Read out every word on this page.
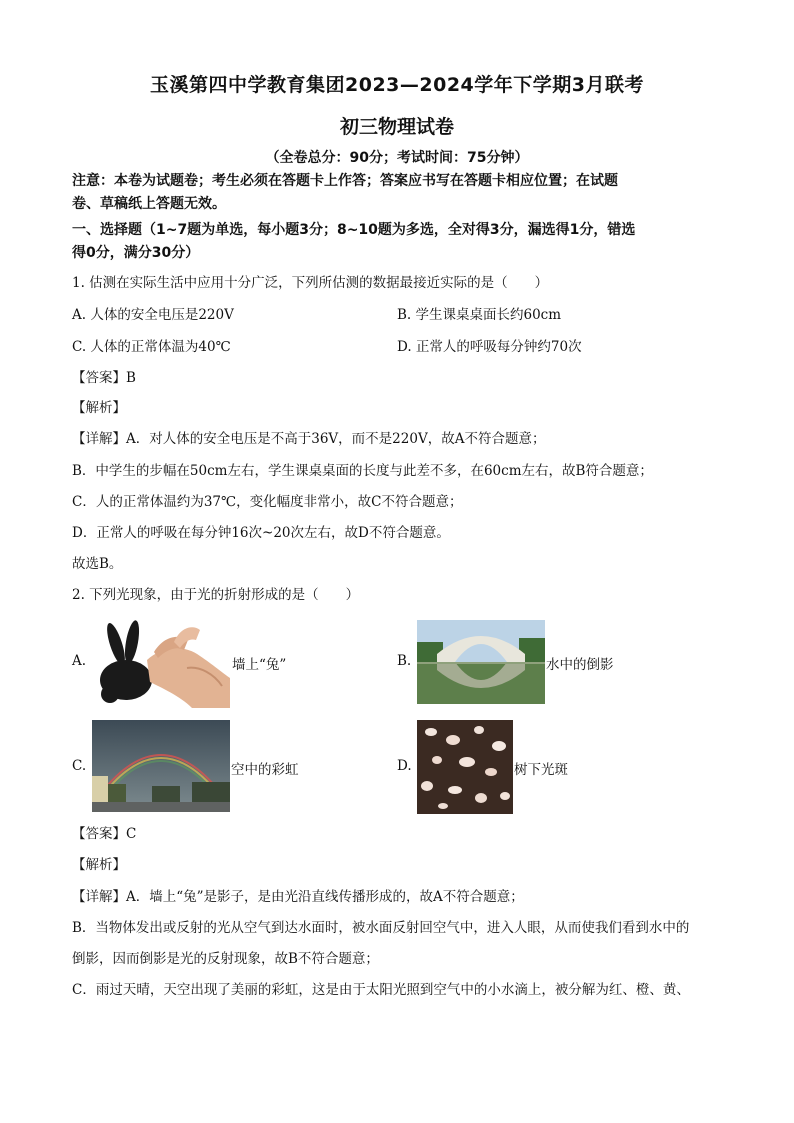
玉溪第四中学教育集团2023—2024学年下学期3月联考
初三物理试卷
（全卷总分：90分；考试时间：75分钟）
注意：本卷为试题卷；考生必须在答题卡上作答；答案应书写在答题卡相应位置；在试题
卷、草稿纸上答题无效。
一、选择题（1~7题为单选，每小题3分；8~10题为多选，全对得3分，漏选得1分，错选
得0分，满分30分）
1. 估测在实际生活中应用十分广泛，下列所估测的数据最接近实际的是（　　）
A. 人体的安全电压是220V	B. 学生课桌桌面长约60cm
C. 人体的正常体温为40℃	D. 正常人的呼吸每分钟约70次
【答案】B
【解析】
【详解】A．对人体的安全电压是不高于36V，而不是220V，故A不符合题意；
B．中学生的步幅在50cm左右，学生课桌桌面的长度与此差不多，在60cm左右，故B符合题意；
C．人的正常体温约为37℃，变化幅度非常小，故C不符合题意；
D．正常人的呼吸在每分钟16次~20次左右，故D不符合题意。
故选B。
2. 下列光现象，由于光的折射形成的是（　　）
A.	墙上“兔”	B.	水中的倒影
C.	空中的彩虹	D.	树下光斑
【答案】C
【解析】
【详解】A．墙上“兔”是影子，是由光沿直线传播形成的，故A不符合题意；
B．当物体发出或反射的光从空气到达水面时，被水面反射回空气中，进入人眼，从而使我们看到水中的
倒影，因而倒影是光的反射现象，故B不符合题意；
C．雨过天晴，天空出现了美丽的彩虹，这是由于太阳光照到空气中的小水滴上，被分解为红、橙、黄、
